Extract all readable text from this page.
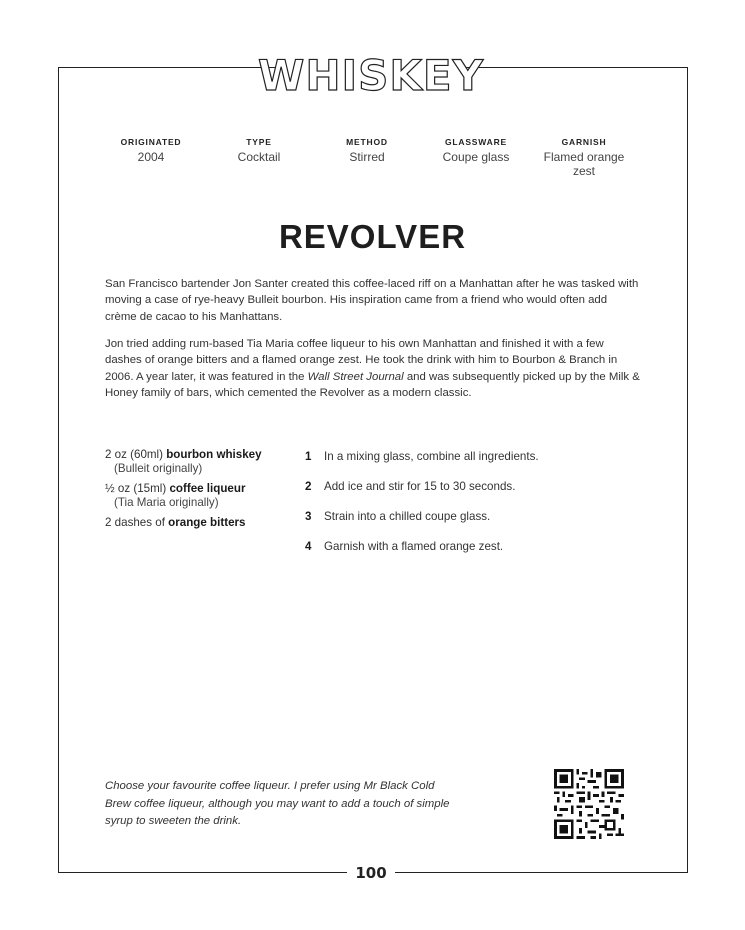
WHISKEY
ORIGINATED
2004
TYPE
Cocktail
METHOD
Stirred
GLASSWARE
Coupe glass
GARNISH
Flamed orange zest
REVOLVER

San Francisco bartender Jon Santer created this coffee-laced riff on a Manhattan after he was tasked with moving a case of rye-heavy Bulleit bourbon. His inspiration came from a friend who would often add crème de cacao to his Manhattans.

Jon tried adding rum-based Tia Maria coffee liqueur to his own Manhattan and finished it with a few dashes of orange bitters and a flamed orange zest. He took the drink with him to Bourbon & Branch in 2006. A year later, it was featured in the Wall Street Journal and was subsequently picked up by the Milk & Honey family of bars, which cemented the Revolver as a modern classic.

2 oz (60ml) bourbon whiskey
(Bulleit originally)
½ oz (15ml) coffee liqueur
(Tia Maria originally)
2 dashes of orange bitters
1	In a mixing glass, combine all ingredients.
2	Add ice and stir for 15 to 30 seconds.
3	Strain into a chilled coupe glass.
4	Garnish with a flamed orange zest.
Choose your favourite coffee liqueur. I prefer using Mr Black Cold Brew coffee liqueur, although you may want to add a touch of simple syrup to sweeten the drink.
100
